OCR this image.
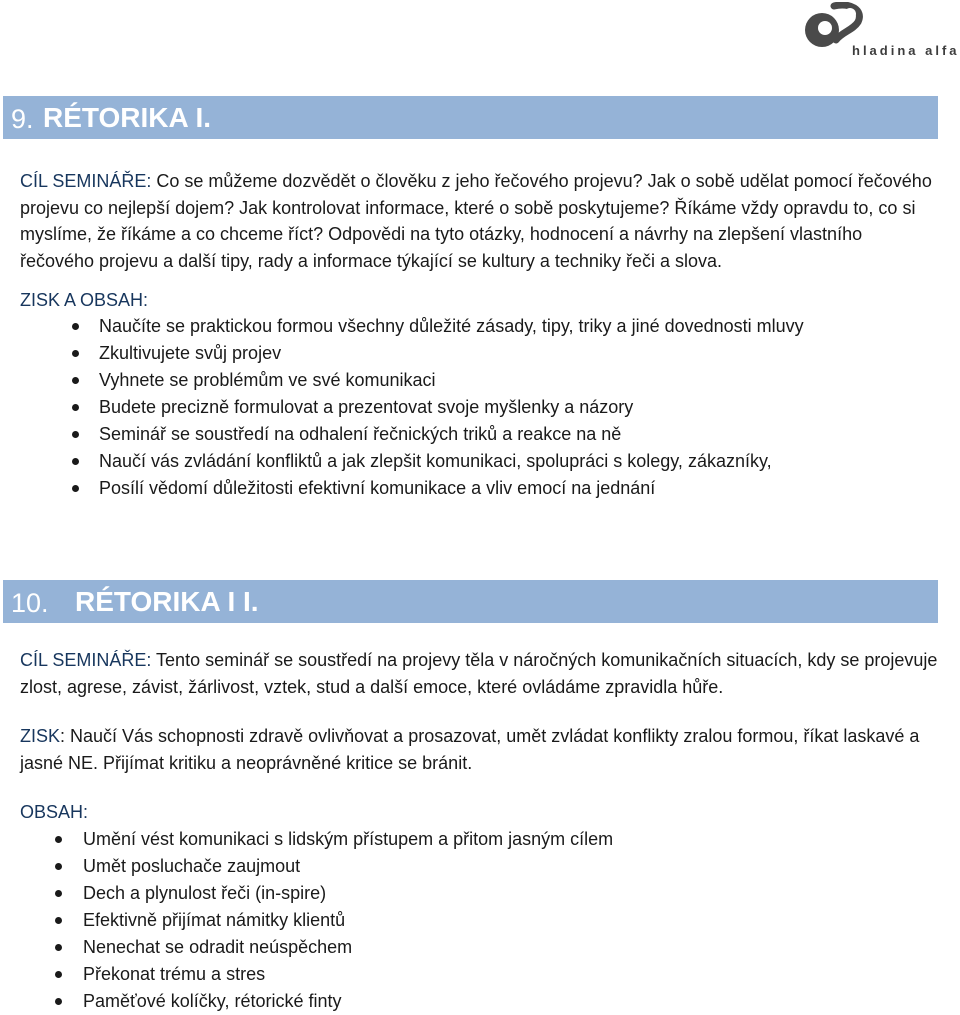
hladina alfa
9. RÉTORIKA I.

CÍL SEMINÁŘE: Co se můžeme dozvědět o člověku z jeho řečového projevu? Jak o sobě udělat pomocí řečového projevu co nejlepší dojem? Jak kontrolovat informace, které o sobě poskytujeme? Říkáme vždy opravdu to, co si myslíme, že říkáme a co chceme říct? Odpovědi na tyto otázky, hodnocení a návrhy na zlepšení vlastního řečového projevu a další tipy, rady a informace týkající se kultury a techniky řeči a slova.

ZISK A OBSAH:

Naučíte se praktickou formou všechny důležité zásady, tipy, triky a jiné dovednosti mluvy
Zkultivujete svůj projev
Vyhnete se problémům ve své komunikaci
Budete precizně formulovat a prezentovat svoje myšlenky a názory
Seminář se soustředí na odhalení řečnických triků a reakce na ně
Naučí vás zvládání konfliktů a jak zlepšit komunikaci, spolupráci s kolegy, zákazníky,
Posílí vědomí důležitosti efektivní komunikace a vliv emocí na jednání
10. RÉTORIKA I I.

CÍL SEMINÁŘE: Tento seminář se soustředí na projevy těla v náročných komunikačních situacích, kdy se projevuje zlost, agrese, závist, žárlivost, vztek, stud a další emoce, které ovládáme zpravidla hůře.

ZISK: Naučí Vás schopnosti zdravě ovlivňovat a prosazovat, umět zvládat konflikty zralou formou, říkat laskavé a jasné NE. Přijímat kritiku a neoprávněné kritice se bránit.

OBSAH:

Umění vést komunikaci s lidským přístupem a přitom jasným cílem
Umět posluchače zaujmout
Dech a plynulost řeči (in-spire)
Efektivně přijímat námitky klientů
Nenechat se odradit neúspěchem
Překonat trému a stres
Paměťové kolíčky, rétorické finty
